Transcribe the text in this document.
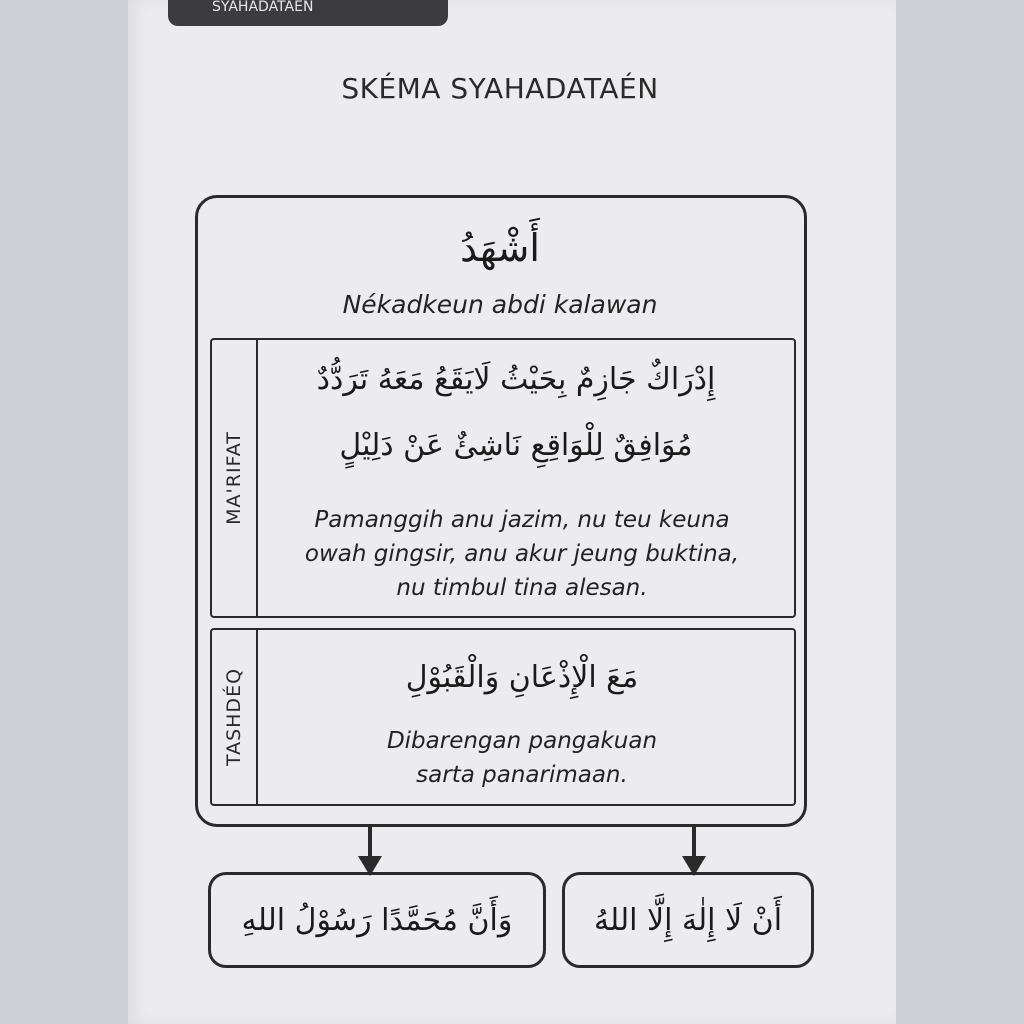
SYAHADATAÉN
SKÉMA SYAHADATAÉN
أَشْهَدُ
Nékadkeun abdi kalawan
MA'RIFAT
إِدْرَاكٌ جَازِمٌ بِحَيْثُ لَايَقَعُ مَعَهُ تَرَدُّدٌ
مُوَافِقٌ لِلْوَاقِعِ نَاشِئٌ عَنْ دَلِيْلٍ
Pamanggih anu jazim, nu teu keuna
owah gingsir, anu akur jeung buktina,
nu timbul tina alesan.
TASHDÉQ	مَعَ الْإِذْعَانِ وَالْقَبُوْلِ
Dibarengan pangakuan
sarta panarimaan.
وَأَنَّ مُحَمَّدًا رَسُوْلُ اللهِ	أَنْ لَا إِلٰهَ إِلَّا اللهُ
